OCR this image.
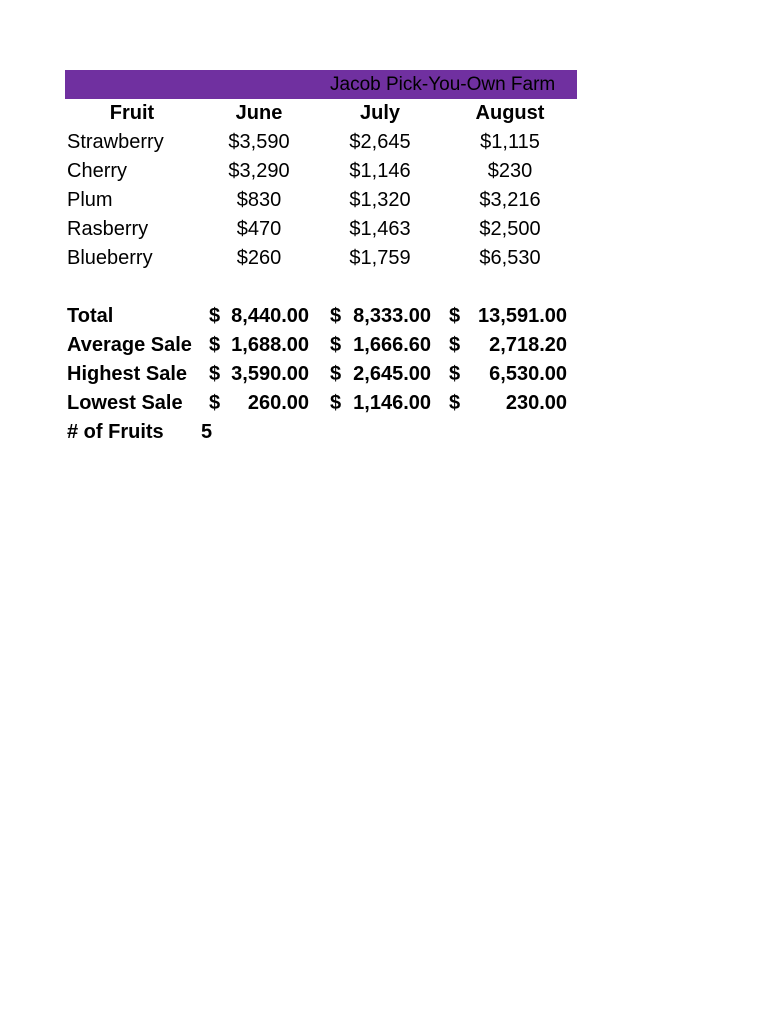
Jacob Pick-You-Own Farm
Fruit	June	July	August
Strawberry	$3,590	$2,645	$1,115
Cherry	$3,290	$1,146	$230
Plum	$830	$1,320	$3,216
Rasberry	$470	$1,463	$2,500
Blueberry	$260	$1,759	$6,530
Total	$ 8,440.00 $ 8,333.00 $ 13,591.00
Average Sale $ 1,688.00 $ 1,666.60 $	2,718.20
Highest Sale	$ 3,590.00 $ 2,645.00 $	6,530.00
Lowest Sale	$	260.00 $ 1,146.00 $	230.00
# of Fruits	5
